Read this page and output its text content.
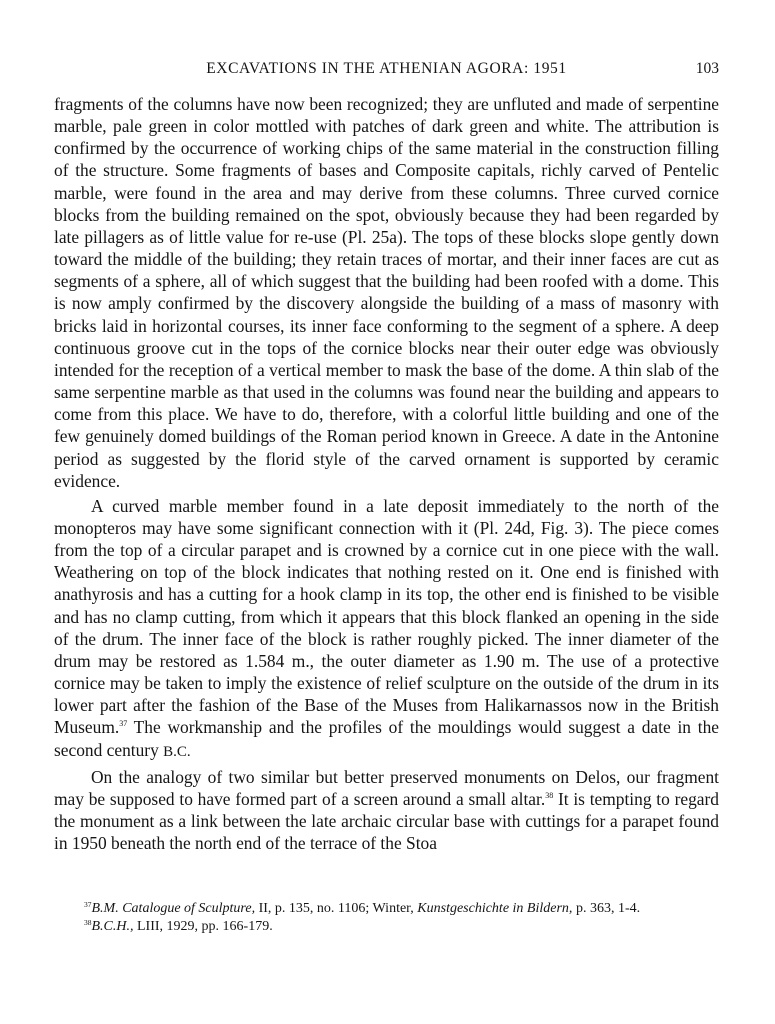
EXCAVATIONS IN THE ATHENIAN AGORA: 1951	103

fragments of the columns have now been recognized; they are unfluted and made of serpentine marble, pale green in color mottled with patches of dark green and white. The attribution is confirmed by the occurrence of working chips of the same material in the construction filling of the structure. Some fragments of bases and Composite capitals, richly carved of Pentelic marble, were found in the area and may derive from these columns. Three curved cornice blocks from the building remained on the spot, obviously because they had been regarded by late pillagers as of little value for re-use (Pl. 25a). The tops of these blocks slope gently down toward the middle of the building; they retain traces of mortar, and their inner faces are cut as segments of a sphere, all of which suggest that the building had been roofed with a dome. This is now amply confirmed by the discovery alongside the building of a mass of masonry with bricks laid in horizontal courses, its inner face conforming to the segment of a sphere. A deep continuous groove cut in the tops of the cornice blocks near their outer edge was obviously intended for the reception of a vertical member to mask the base of the dome. A thin slab of the same serpentine marble as that used in the columns was found near the building and appears to come from this place. We have to do, therefore, with a colorful little building and one of the few genuinely domed buildings of the Roman period known in Greece. A date in the Antonine period as suggested by the florid style of the carved ornament is supported by ceramic evidence.

A curved marble member found in a late deposit immediately to the north of the monopteros may have some significant connection with it (Pl. 24d, Fig. 3). The piece comes from the top of a circular parapet and is crowned by a cornice cut in one piece with the wall. Weathering on top of the block indicates that nothing rested on it. One end is finished with anathyrosis and has a cutting for a hook clamp in its top, the other end is finished to be visible and has no clamp cutting, from which it appears that this block flanked an opening in the side of the drum. The inner face of the block is rather roughly picked. The inner diameter of the drum may be restored as 1.584 m., the outer diameter as 1.90 m. The use of a protective cornice may be taken to imply the existence of relief sculpture on the outside of the drum in its lower part after the fashion of the Base of the Muses from Halikarnassos now in the British Museum.$^{37}$ The workmanship and the profiles of the mouldings would suggest a date in the second century B.C.

On the analogy of two similar but better preserved monuments on Delos, our fragment may be supposed to have formed part of a screen around a small altar.$^{38}$ It is tempting to regard the monument as a link between the late archaic circular base with cuttings for a parapet found in 1950 beneath the north end of the terrace of the Stoa

$^{37}$B.M. Catalogue of Sculpture, II, p. 135, no. 1106; Winter, Kunstgeschichte in Bildern, p. 363, 1-4.

$^{38}$B.C.H., LIII, 1929, pp. 166-179.
